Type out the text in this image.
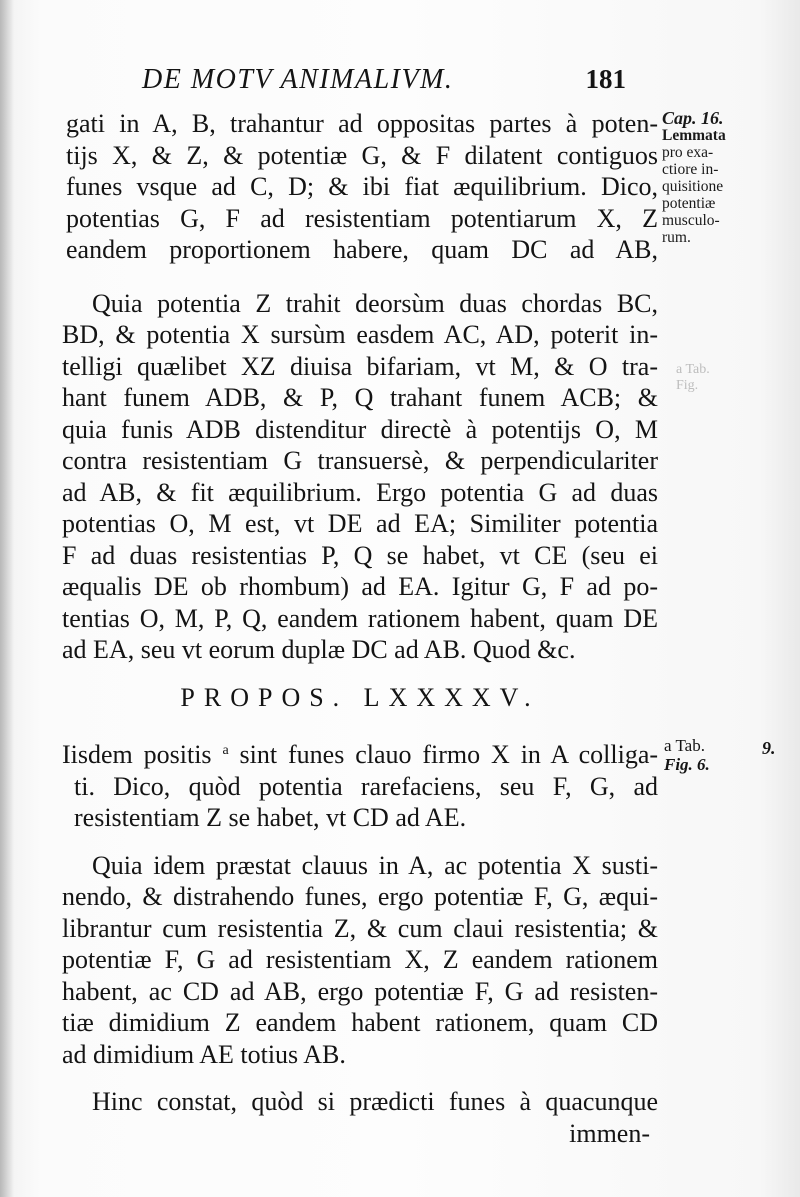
DE MOTV ANIMALIVM.	181
Cap. 16.
Lemmata
pro exa-
ctiore in-
quisitione
potentiæ
musculo-
rum.
a Tab.
Fig.
a Tab.
Fig. 6.
9.
gati in A, B, trahantur ad oppositas partes à poten-
tijs X, & Z, & potentiæ G, & F dilatent contiguos
funes vsque ad C, D; & ibi fiat æquilibrium. Dico,
potentias G, F ad resistentiam potentiarum X, Z
eandem proportionem habere, quam DC ad AB,
Quia potentia Z trahit deorsùm duas chordas BC,
BD, & potentia X sursùm easdem AC, AD, poterit in-
telligi quælibet XZ diuisa bifariam, vt M, & O tra-
hant funem ADB, & P, Q trahant funem ACB; &
quia funis ADB distenditur directè à potentijs O, M
contra resistentiam G transuersè, & perpendiculariter
ad AB, & fit æquilibrium. Ergo potentia G ad duas
potentias O, M est, vt DE ad EA; Similiter potentia
F ad duas resistentias P, Q se habet, vt CE (seu ei
æqualis DE ob rhombum) ad EA. Igitur G, F ad po-
tentias O, M, P, Q, eandem rationem habent, quam DE
ad EA, seu vt eorum duplæ DC ad AB. Quod &c.
PROPOS. LXXXXV.
Iisdem positis $^a$ sint funes clauo firmo X in A colliga-
ti. Dico, quòd potentia rarefaciens, seu F, G, ad
resistentiam Z se habet, vt CD ad AE.
Quia idem præstat clauus in A, ac potentia X susti-
nendo, & distrahendo funes, ergo potentiæ F, G, æqui-
librantur cum resistentia Z, & cum claui resistentia; &
potentiæ F, G ad resistentiam X, Z eandem rationem
habent, ac CD ad AB, ergo potentiæ F, G ad resisten-
tiæ dimidium Z eandem habent rationem, quam CD
ad dimidium AE totius AB.
Hinc constat, quòd si prædicti funes à quacunque
immen-
